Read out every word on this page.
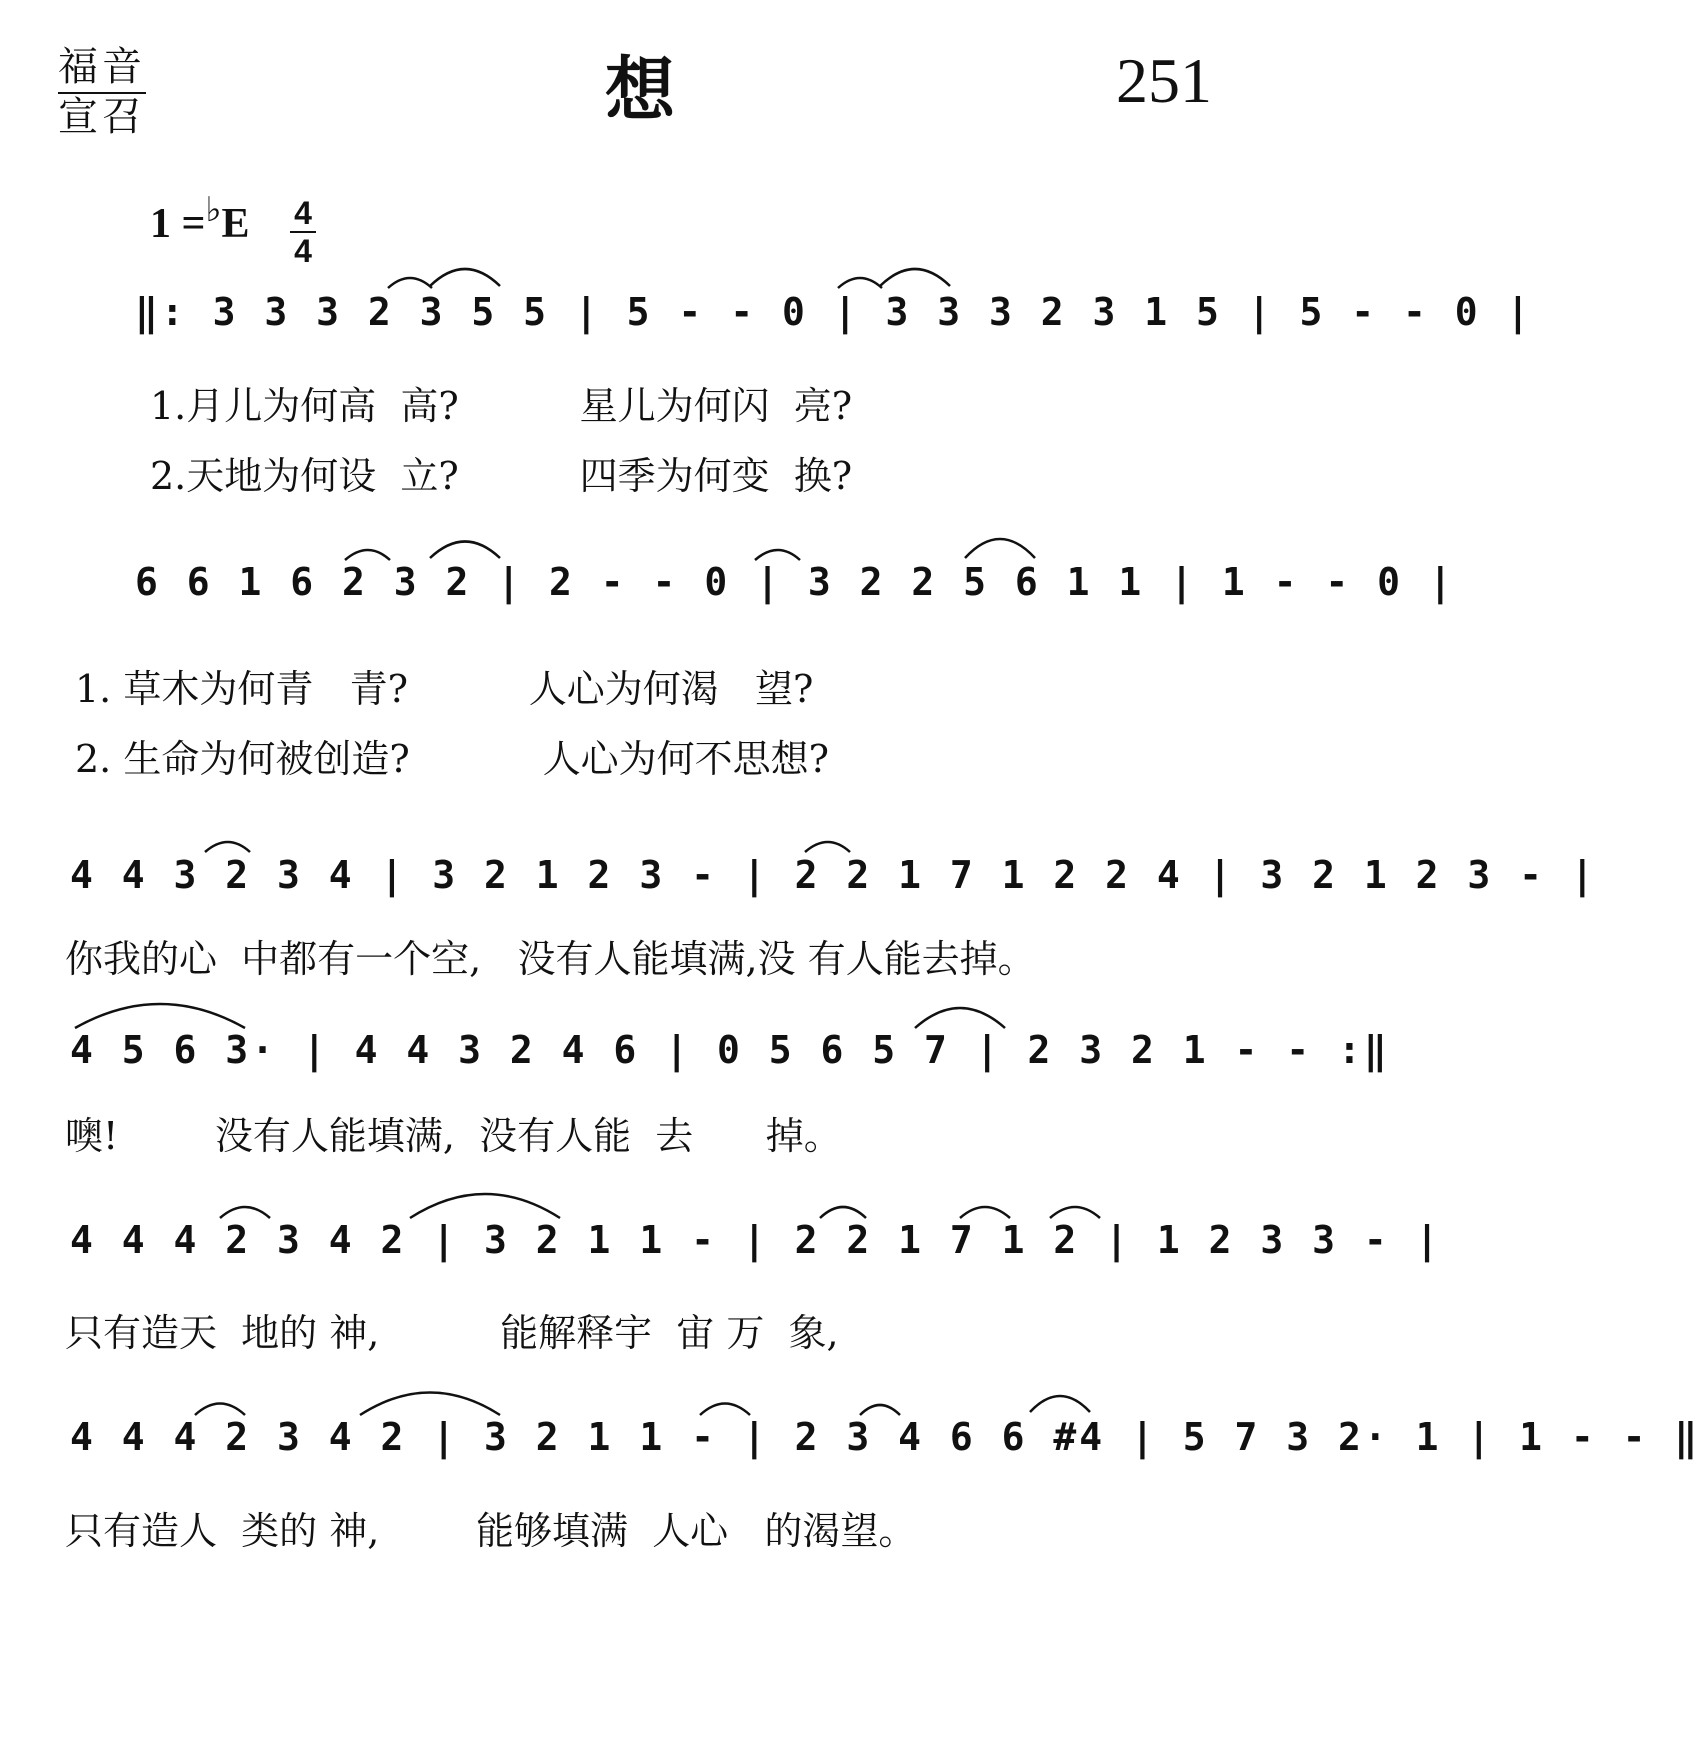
福音
宣召	想	251
1 =♭E 4
4
‖: 3 3 3 2 3 5 5 | 5 - - 0 | 3 3 3 2 3 1 5 | 5 - - 0 |
1.月儿为何高  高?          星儿为何闪  亮?
2.天地为何设  立?          四季为何变  换?
6 6 1 6 2 3 2 | 2 - - 0 | 3 2 2 5 6 1 1 | 1 - - 0 |
1. 草木为何青   青?          人心为何渴   望?
2. 生命为何被创造?           人心为何不思想?
4 4 3 2 3 4 | 3 2 1 2 3 - | 2 2 1 7 1 2 2 4 | 3 2 1 2 3 - |
你我的心  中都有一个空,   没有人能填满,没 有人能去掉。
4 5 6 3· | 4 4 3 2 4 6 | 0 5 6 5 7 | 2 3 2 1 - - :‖
噢!        没有人能填满,  没有人能  去      掉。
4 4 4 2 3 4 2 | 3 2 1 1 - | 2 2 1 7 1 2 | 1 2 3 3 - |
只有造天  地的 神,          能解释宇  宙 万  象,
4 4 4 2 3 4 2 | 3 2 1 1 - | 2 3 4 6 6 #4 | 5 7 3 2· 1 | 1 - - ‖
只有造人  类的 神,        能够填满  人心   的渴望。
